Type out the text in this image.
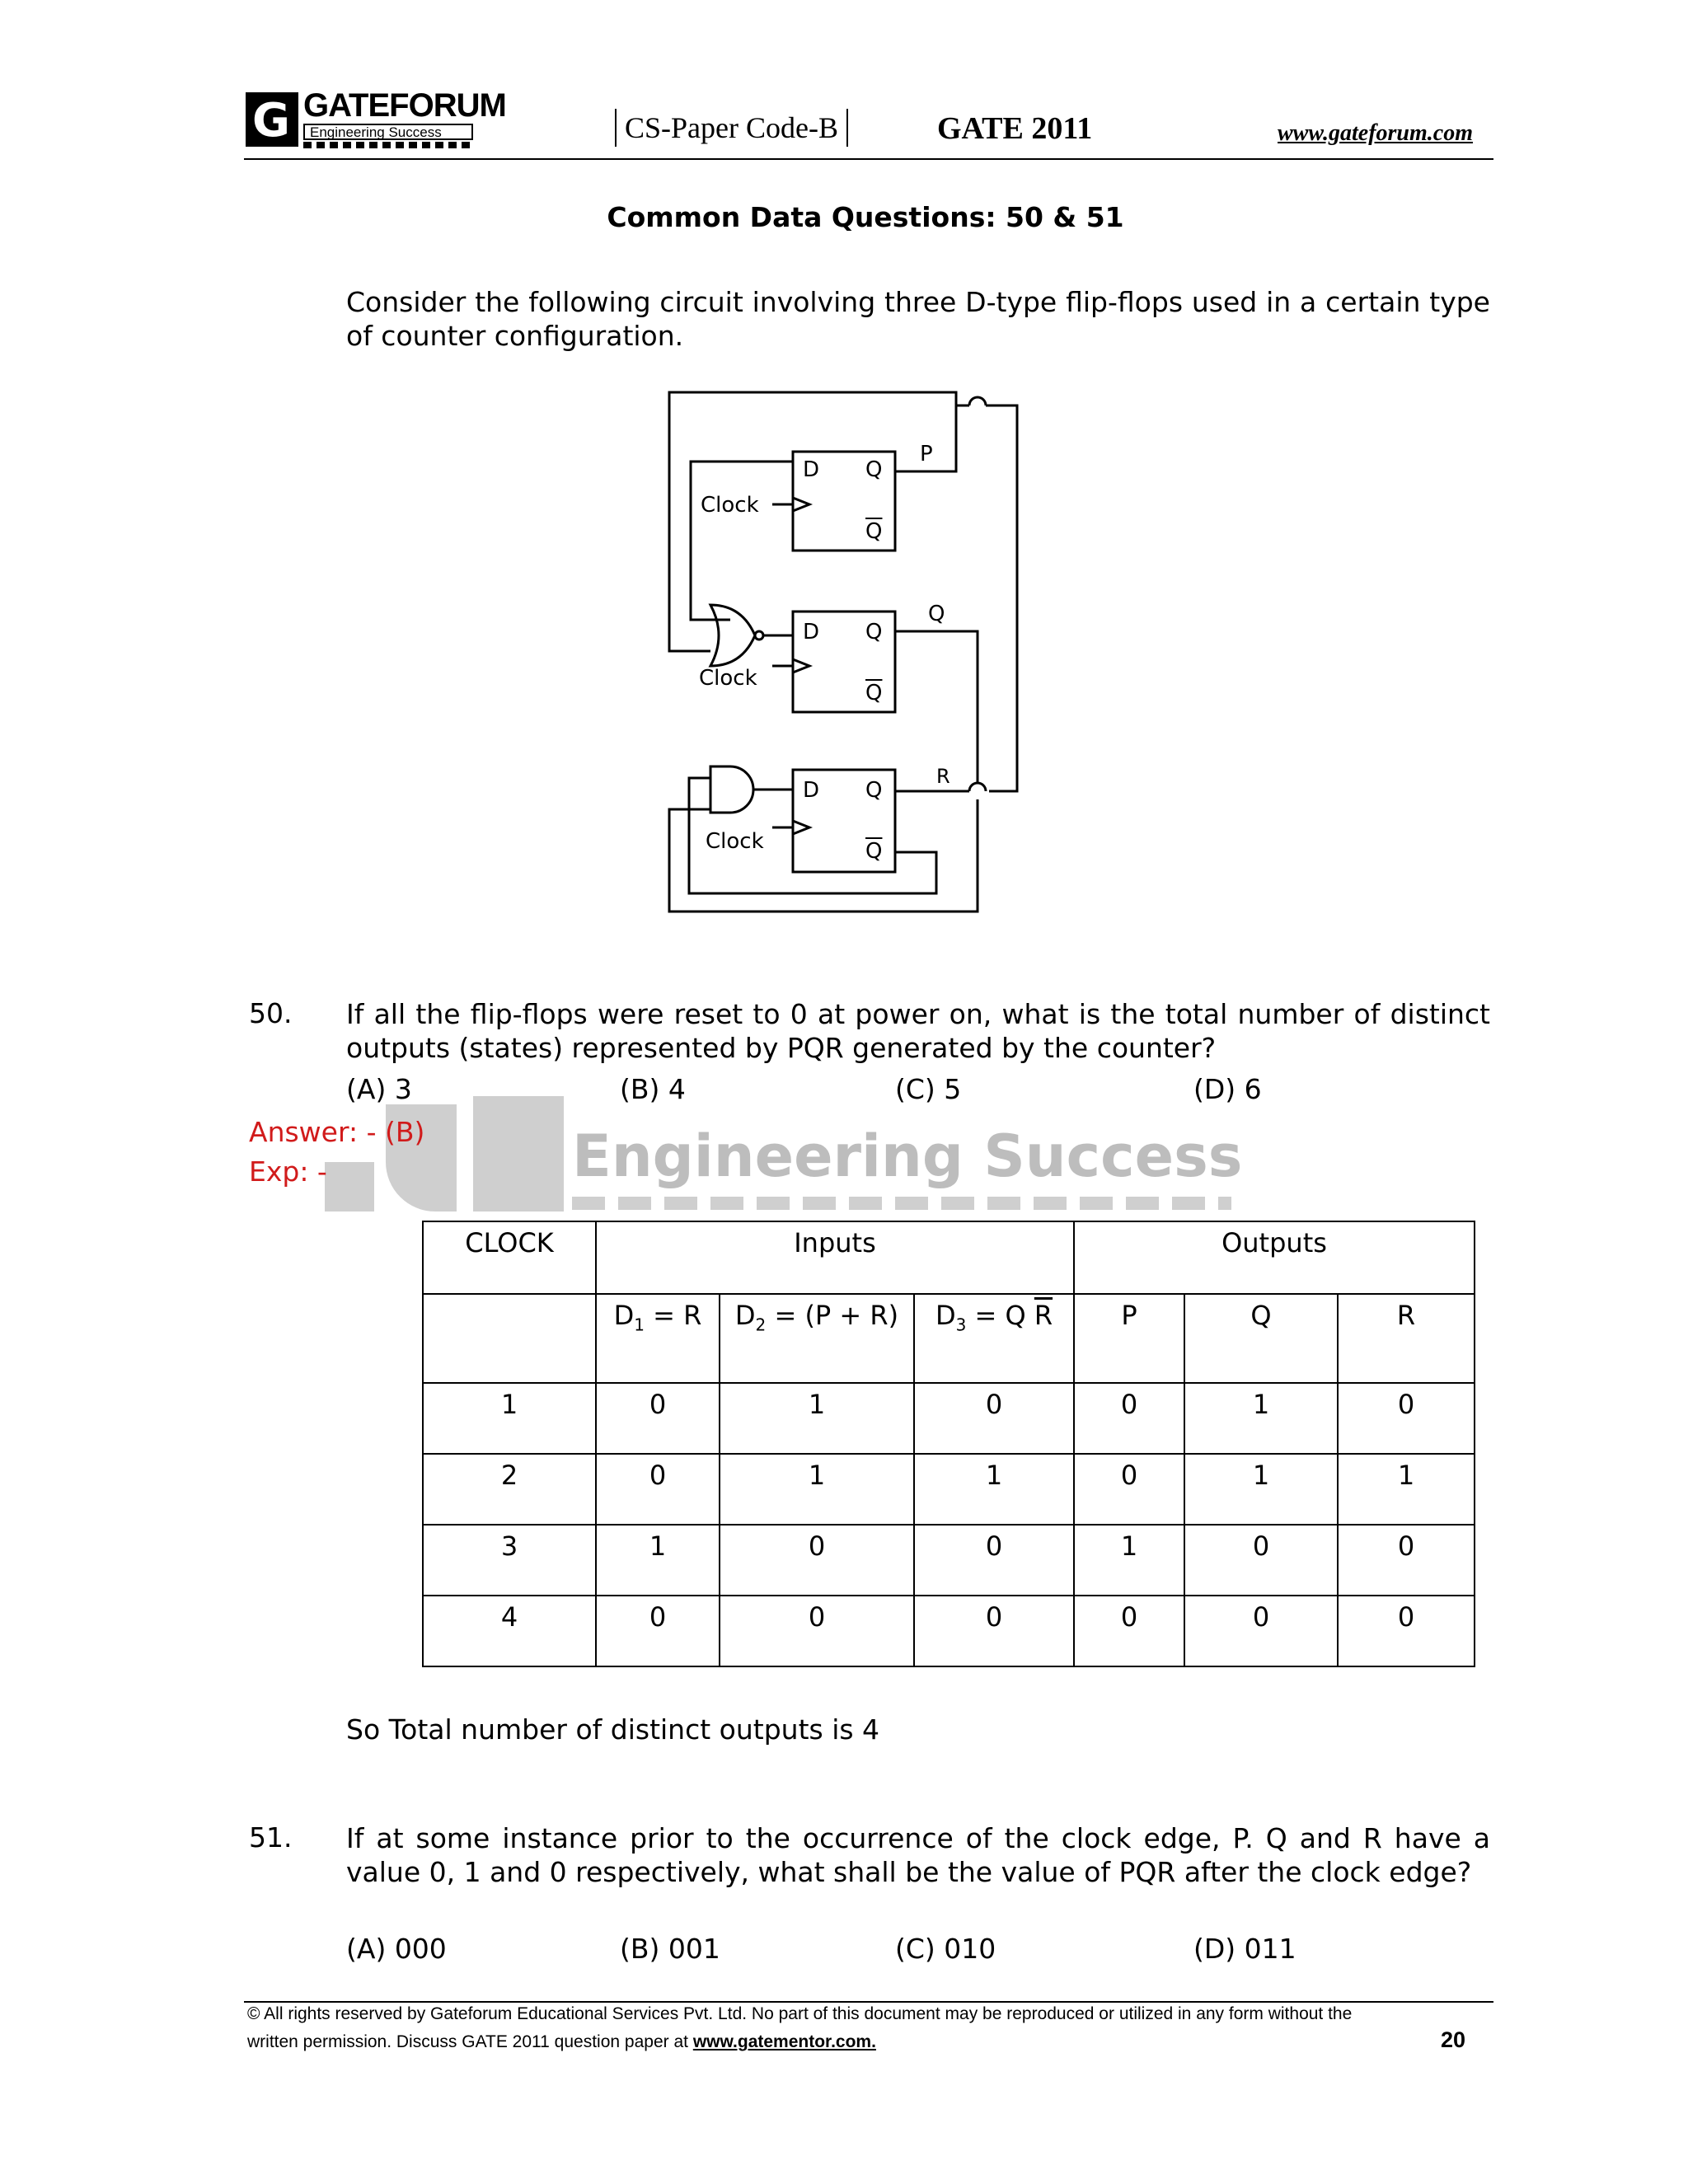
G GATEFORUM
Engineering Success	CS-Paper Code-B	GATE 2011	www.gateforum.com
Common Data Questions: 50 & 51
Consider the following circuit involving three D-type flip-flops used in a certain type of counter configuration.
D Q
$\overline{Q}$
Clock
P
D Q
$\overline{Q}$
Clock
Q
D Q
$\overline{Q}$
Clock
R
Engineering Success
50. If all the flip-flops were reset to 0 at power on, what is the total number of distinct outputs (states) represented by PQR generated by the counter?
(A) 3	(B) 4	(C) 5	(D) 6
Answer: - (B)
Exp: -
CLOCK	Inputs			Outputs		
	$D_1 = R$	$D_2 = (P + R)$	$D_3 = Q$ $\overline{R}$	P	Q	R
1	0	1	0	0	1	0
2	0	1	1	0	1	1
3	1	0	0	1	0	0
4	0	0	0	0	0	0
So Total number of distinct outputs is 4
51. If at some instance prior to the occurrence of the clock edge, P. Q and R have a value 0, 1 and 0 respectively, what shall be the value of PQR after the clock edge?
(A) 000	(B) 001	(C) 010	(D) 011
© All rights reserved by Gateforum Educational Services Pvt. Ltd. No part of this document may be reproduced or utilized in any form without the
written permission. Discuss GATE 2011 question paper at www.gatementor.com.	20
